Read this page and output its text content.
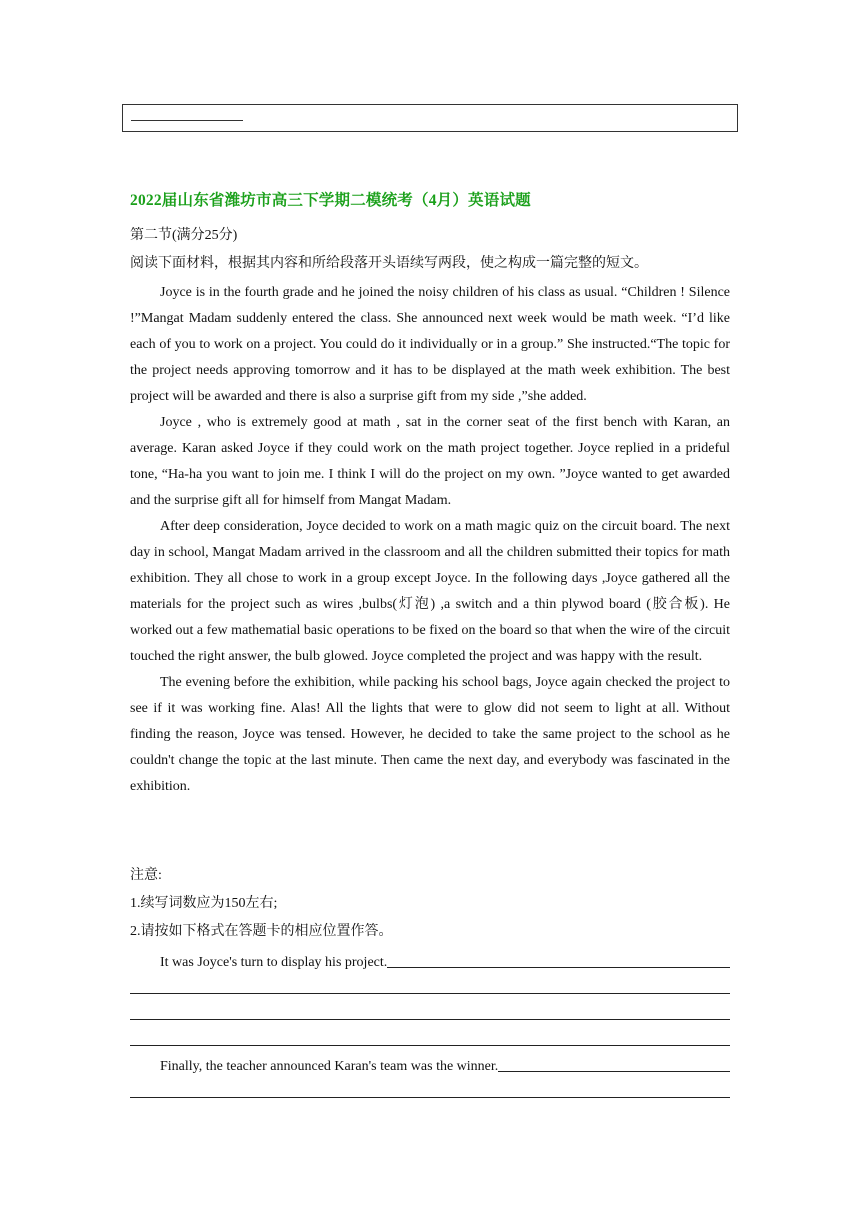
2022届山东省潍坊市高三下学期二模统考（4月）英语试题
第二节(满分25分)
阅读下面材料，根据其内容和所给段落开头语续写两段，使之构成一篇完整的短文。

Joyce is in the fourth grade and he joined the noisy children of his class as usual. “Children ! Silence !”Mangat Madam suddenly entered the class. She announced next week would be math week. “I’d like each of you to work on a project. You could do it individually or in a group.” She instructed.“The topic for the project needs approving tomorrow and it has to be displayed at the math week exhibition. The best project will be awarded and there is also a surprise gift from my side ,”she added.

Joyce , who is extremely good at math , sat in the corner seat of the first bench with Karan, an average. Karan asked Joyce if they could work on the math project together. Joyce replied in a prideful tone, “Ha-ha you want to join me. I think I will do the project on my own. ”Joyce wanted to get awarded and the surprise gift all for himself from Mangat Madam.

After deep consideration, Joyce decided to work on a math magic quiz on the circuit board. The next day in school, Mangat Madam arrived in the classroom and all the children submitted their topics for math exhibition. They all chose to work in a group except Joyce. In the following days ,Joyce gathered all the materials for the project such as wires ,bulbs(灯泡) ,a switch and a thin plywod board (胶合板). He worked out a few mathematial basic operations to be fixed on the board so that when the wire of the circuit touched the right answer, the bulb glowed. Joyce completed the project and was happy with the result.

The evening before the exhibition, while packing his school bags, Joyce again checked the project to see if it was working fine. Alas! All the lights that were to glow did not seem to light at all. Without finding the reason, Joyce was tensed. However, he decided to take the same project to the school as he couldn't change the topic at the last minute. Then came the next day, and everybody was fascinated in the exhibition.

注意:
1.续写词数应为150左右;
2.请按如下格式在答题卡的相应位置作答。
It was Joyce's turn to display his project.
Finally, the teacher announced Karan's team was the winner.
